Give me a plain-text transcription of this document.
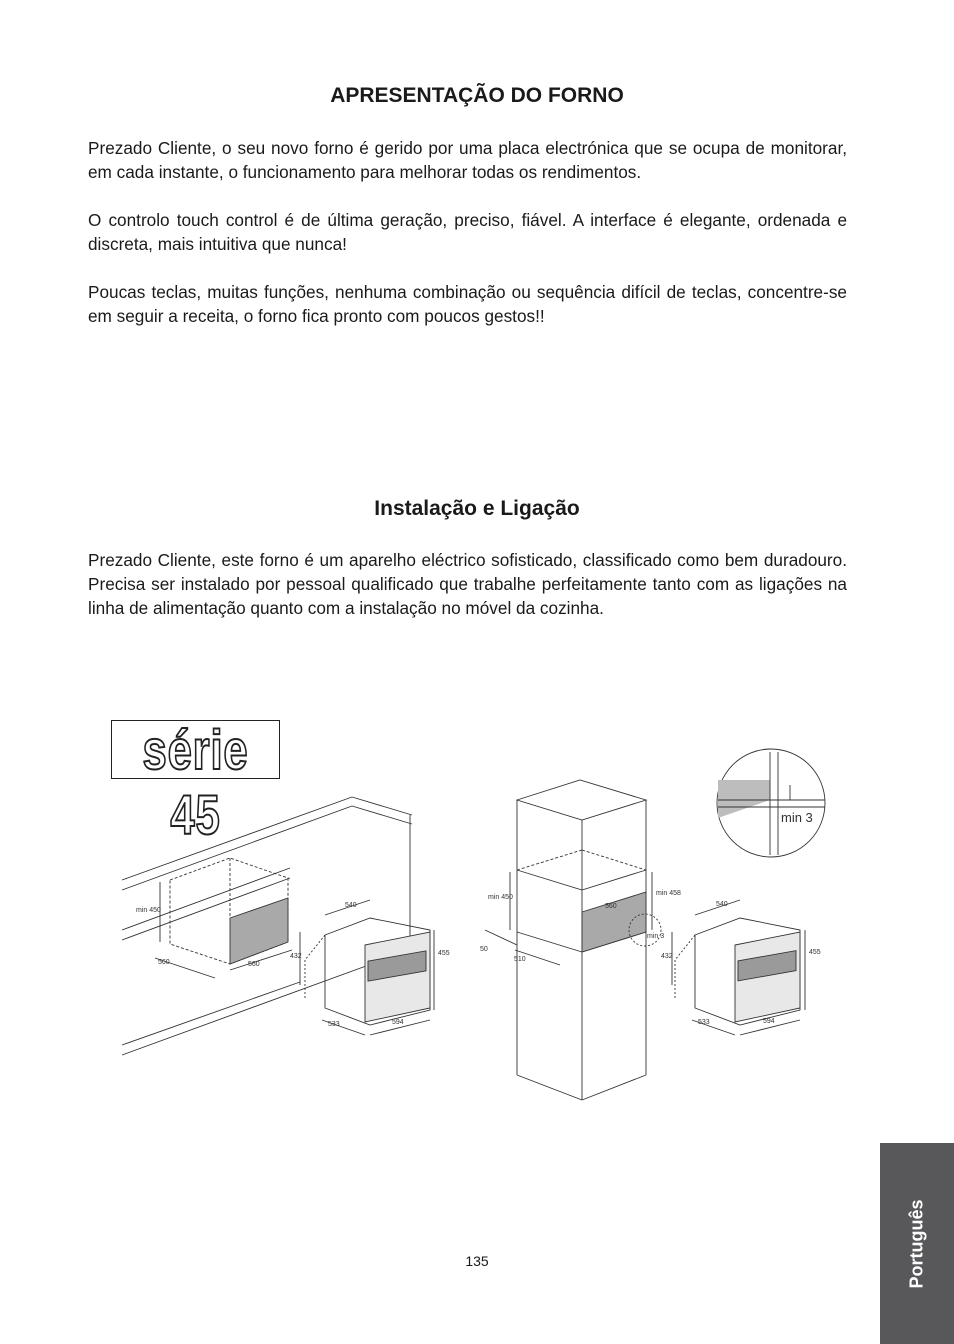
APRESENTAÇÃO DO FORNO

Prezado Cliente, o seu novo forno é gerido por uma placa electrónica que se ocupa de monitorar, em cada instante, o funcionamento para melhorar todas os rendimentos.

O controlo touch control é de última geração, preciso, fiável. A interface é elegante, ordenada e discreta, mais intuitiva que nunca!

Poucas teclas, muitas funções, nenhuma combinação ou sequência difícil de teclas, concentre-se em seguir a receita, o forno fica pronto com poucos gestos!!

Instalação e Ligação

Prezado Cliente, este forno é um aparelho eléctrico sofisticado, classificado como bem duradouro. Precisa ser instalado por pessoal qualificado que trabalhe perfeitamente tanto com as ligações na linha de alimentação quanto com a instalação no móvel da cozinha.

série 45
min 450
560	560
540
432	455
533	594
min 450
min 458
560
min 3
50
510
540
432
455
533	594
min 3
135	Português
